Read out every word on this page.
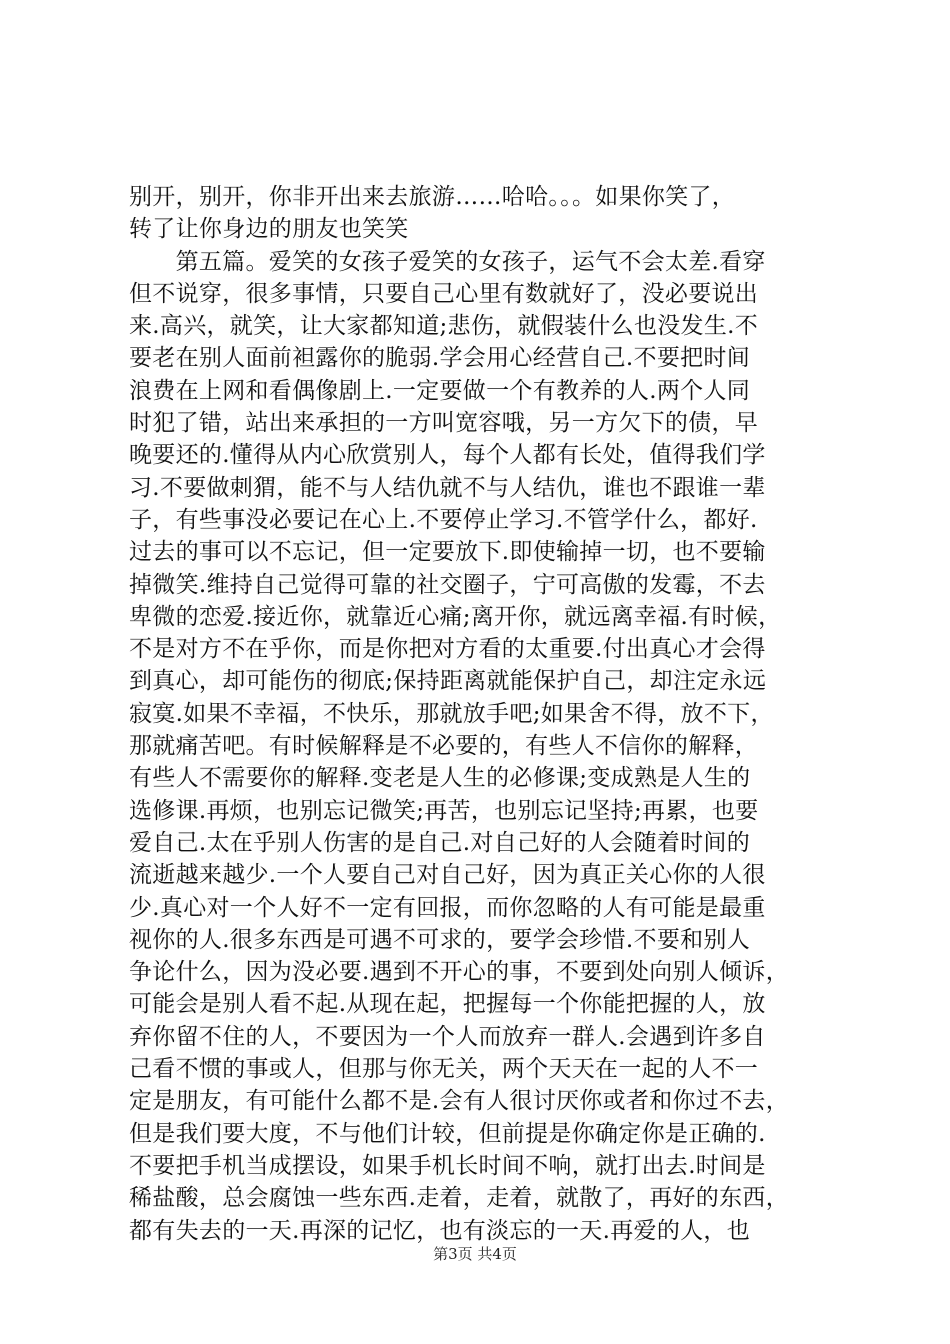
别开，别开，你非开出来去旅游……哈哈。。。如果你笑了，
转了让你身边的朋友也笑笑
　　第五篇。爱笑的女孩子爱笑的女孩子，运气不会太差.看穿
但不说穿，很多事情，只要自己心里有数就好了，没必要说出
来.高兴，就笑，让大家都知道;悲伤，就假装什么也没发生.不
要老在别人面前袒露你的脆弱.学会用心经营自己.不要把时间
浪费在上网和看偶像剧上.一定要做一个有教养的人.两个人同
时犯了错，站出来承担的一方叫宽容哦，另一方欠下的债，早
晚要还的.懂得从内心欣赏别人，每个人都有长处，值得我们学
习.不要做刺猬，能不与人结仇就不与人结仇，谁也不跟谁一辈
子，有些事没必要记在心上.不要停止学习.不管学什么，都好.
过去的事可以不忘记，但一定要放下.即使输掉一切，也不要输
掉微笑.维持自己觉得可靠的社交圈子，宁可高傲的发霉，不去
卑微的恋爱.接近你，就靠近心痛;离开你，就远离幸福.有时候，
不是对方不在乎你，而是你把对方看的太重要.付出真心才会得
到真心，却可能伤的彻底;保持距离就能保护自己，却注定永远
寂寞.如果不幸福，不快乐，那就放手吧;如果舍不得，放不下，
那就痛苦吧。有时候解释是不必要的，有些人不信你的解释，
有些人不需要你的解释.变老是人生的必修课;变成熟是人生的
选修课.再烦，也别忘记微笑;再苦，也别忘记坚持;再累，也要
爱自己.太在乎别人伤害的是自己.对自己好的人会随着时间的
流逝越来越少.一个人要自己对自己好，因为真正关心你的人很
少.真心对一个人好不一定有回报，而你忽略的人有可能是最重
视你的人.很多东西是可遇不可求的，要学会珍惜.不要和别人
争论什么，因为没必要.遇到不开心的事，不要到处向别人倾诉，
可能会是别人看不起.从现在起，把握每一个你能把握的人，放
弃你留不住的人，不要因为一个人而放弃一群人.会遇到许多自
己看不惯的事或人，但那与你无关，两个天天在一起的人不一
定是朋友，有可能什么都不是.会有人很讨厌你或者和你过不去，
但是我们要大度，不与他们计较，但前提是你确定你是正确的.
不要把手机当成摆设，如果手机长时间不响，就打出去.时间是
稀盐酸，总会腐蚀一些东西.走着，走着，就散了，再好的东西，
都有失去的一天.再深的记忆，也有淡忘的一天.再爱的人，也
第3页 共4页
